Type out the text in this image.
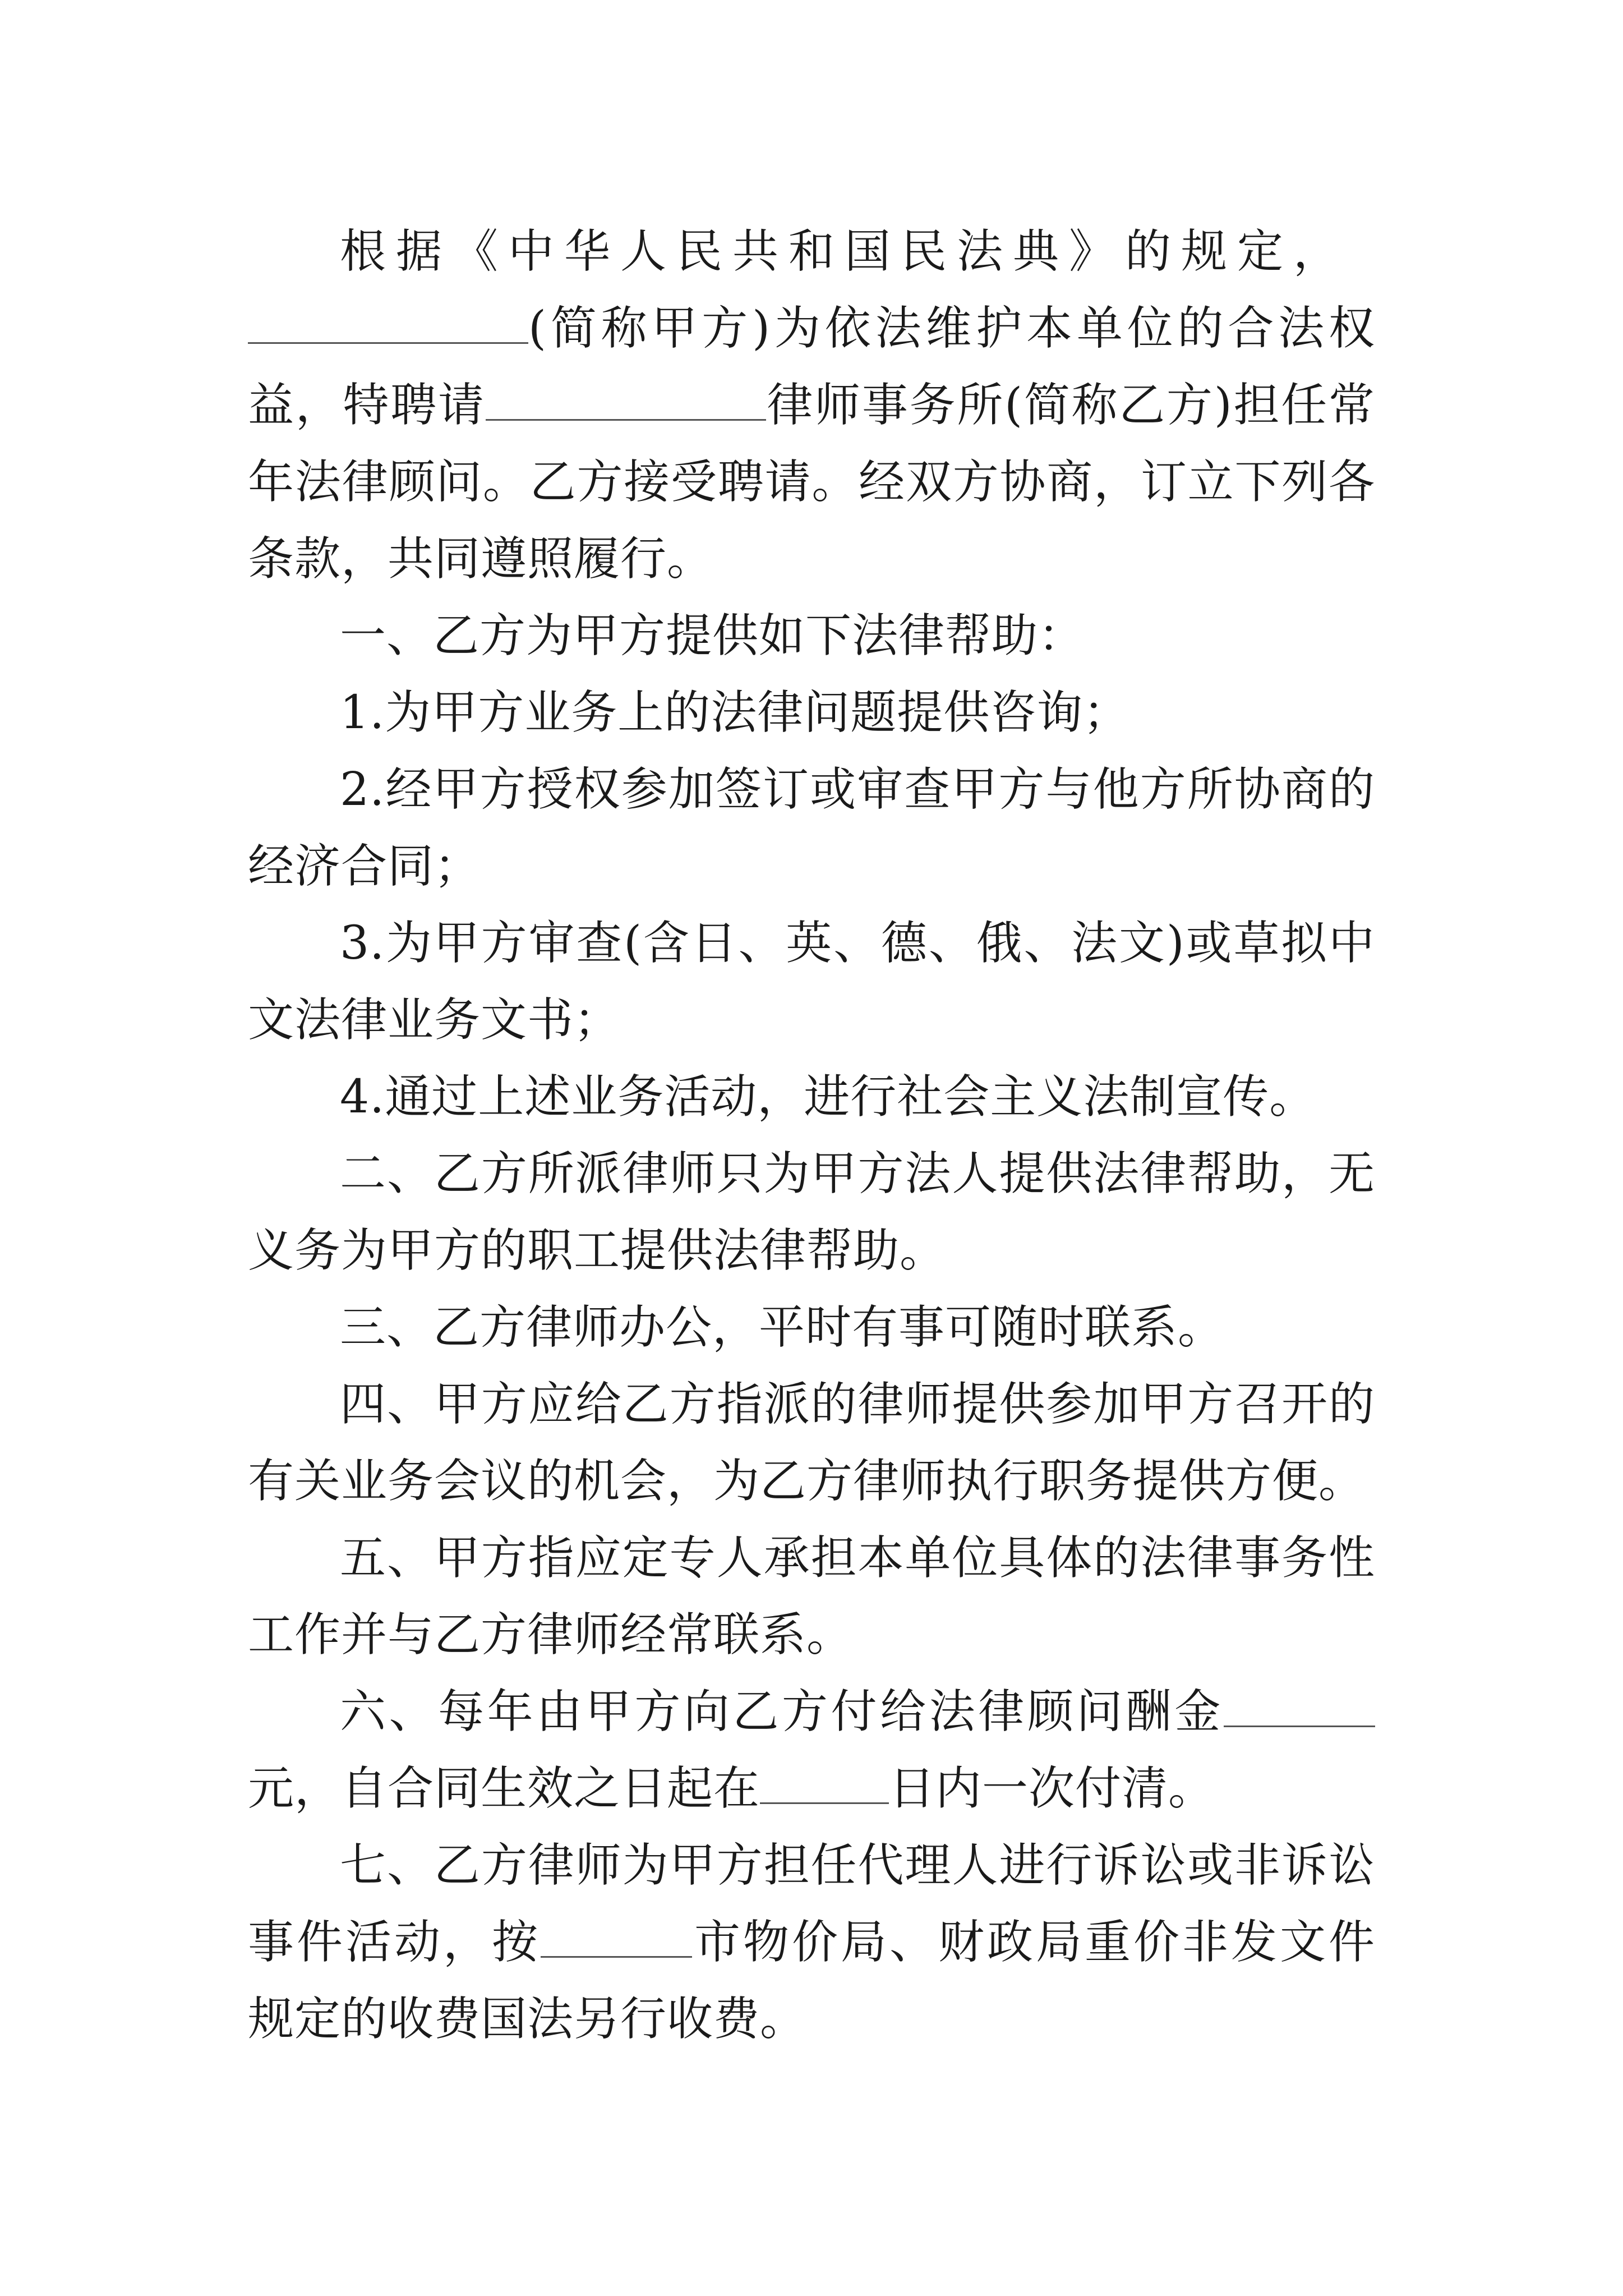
根据《中华人民共和国民法典》的规定，

(简称甲方)为依法维护本单位的合法权益，特聘请	律师事务所(简称乙方)担任常年法律顾问。乙方接受聘请。经双方协商，订立下列各条款，共同遵照履行。

一、乙方为甲方提供如下法律帮助：

1.为甲方业务上的法律问题提供咨询；

2.经甲方授权参加签订或审查甲方与他方所协商的经济合同；

3.为甲方审查(含日、英、德、俄、法文)或草拟中文法律业务文书；

4.通过上述业务活动，进行社会主义法制宣传。

二、乙方所派律师只为甲方法人提供法律帮助，无义务为甲方的职工提供法律帮助。

三、乙方律师办公，平时有事可随时联系。

四、甲方应给乙方指派的律师提供参加甲方召开的有关业务会议的机会，为乙方律师执行职务提供方便。

五、甲方指应定专人承担本单位具体的法律事务性工作并与乙方律师经常联系。

六、每年由甲方向乙方付给法律顾问酬金元，自合同生效之日起在	日内一次付清。

七、乙方律师为甲方担任代理人进行诉讼或非诉讼事件活动，按	市物价局、财政局重价非发文件规定的收费国法另行收费。
